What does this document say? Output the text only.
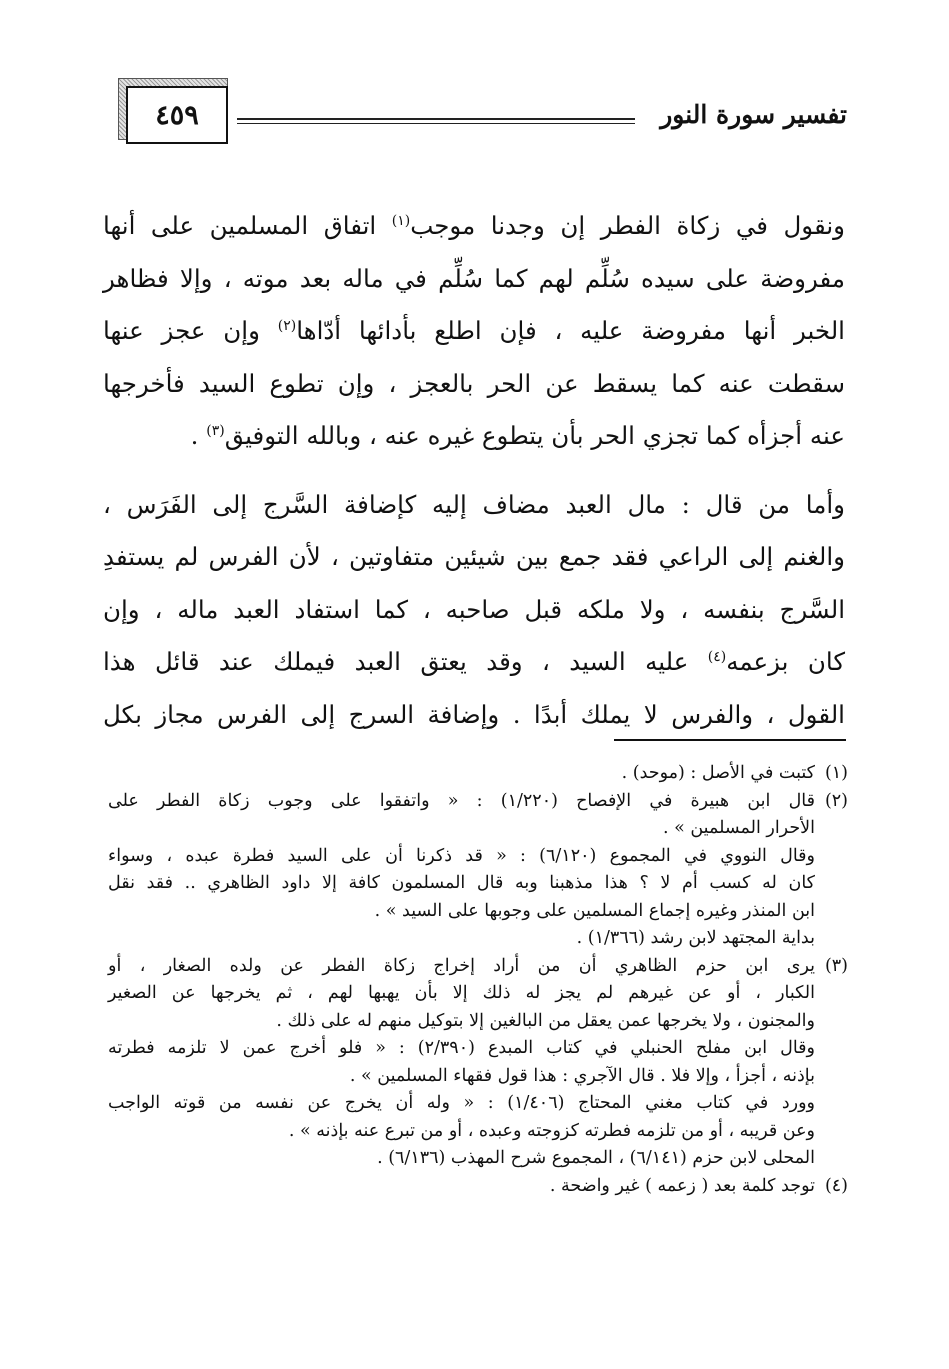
تفسير سورة النور
٤٥٩

ونقول في زكاة الفطر إن وجدنا موجب$^{(١)}$ اتفاق المسلمين على أنها
مفروضة على سيده سُلِّم لهم كما سُلِّم في ماله بعد موته ، وإلا فظاهر
الخبر أنها مفروضة عليه ، فإن اطلع بأدائها أدّاها$^{(٢)}$ وإن عجز عنها
سقطت عنه كما يسقط عن الحر بالعجز ، وإن تطوع السيد فأخرجها
عنه أجزأه كما تجزي الحر بأن يتطوع غيره عنه ، وبالله التوفيق$^{(٣)}$ .

وأما من قال : مال العبد مضاف إليه كإضافة السَّرج إلى الفَرَس ،
والغنم إلى الراعي فقد جمع بين شيئين متفاوتين ، لأن الفرس لم يستفدِ
السَّرج بنفسه ، ولا ملكه قبل صاحبه ، كما استفاد العبد ماله ، وإن
كان بزعمه$^{(٤)}$ عليه السيد ، وقد يعتق العبد فيملك عند قائل هذا
القول ، والفرس لا يملك أبدًا . وإضافة السرج إلى الفرس مجاز بكل

(١)
كتبت في الأصل : (موحد) .
(٢)
قال ابن هبيرة في الإفصاح (١/٢٢٠) : « واتفقوا على وجوب زكاة الفطر على
الأحرار المسلمين » .
وقال النووي في المجموع (٦/١٢٠) : « قد ذكرنا أن على السيد فطرة عبده ، وسواء
كان له كسب أم لا ؟ هذا مذهبنا وبه قال المسلمون كافة إلا داود الظاهري .. فقد نقل
ابن المنذر وغيره إجماع المسلمين على وجوبها على السيد » .
بداية المجتهد لابن رشد (١/٣٦٦) .
(٣)
يرى ابن حزم الظاهري أن من أراد إخراج زكاة الفطر عن ولده الصغار ، أو
الكبار ، أو عن غيرهم لم يجز له ذلك إلا بأن يهبها لهم ، ثم يخرجها عن الصغير
والمجنون ، ولا يخرجها عمن يعقل من البالغين إلا بتوكيل منهم له على ذلك .
وقال ابن مفلح الحنبلي في كتاب المبدع (٢/٣٩٠) : « فلو أخرج عمن لا تلزمه فطرته
بإذنه ، أجزأ ، وإلا فلا . قال الآجري : هذا قول فقهاء المسلمين » .
وورد في كتاب مغني المحتاج (١/٤٠٦) : « وله أن يخرج عن نفسه من قوته الواجب
وعن قريبه ، أو من تلزمه فطرته كزوجته وعبده ، أو من تبرع عنه بإذنه » .
المحلى لابن حزم (٦/١٤١) ، المجموع شرح المهذب (٦/١٣٦) .
(٤)
توجد كلمة بعد ( زعمه ) غير واضحة .
